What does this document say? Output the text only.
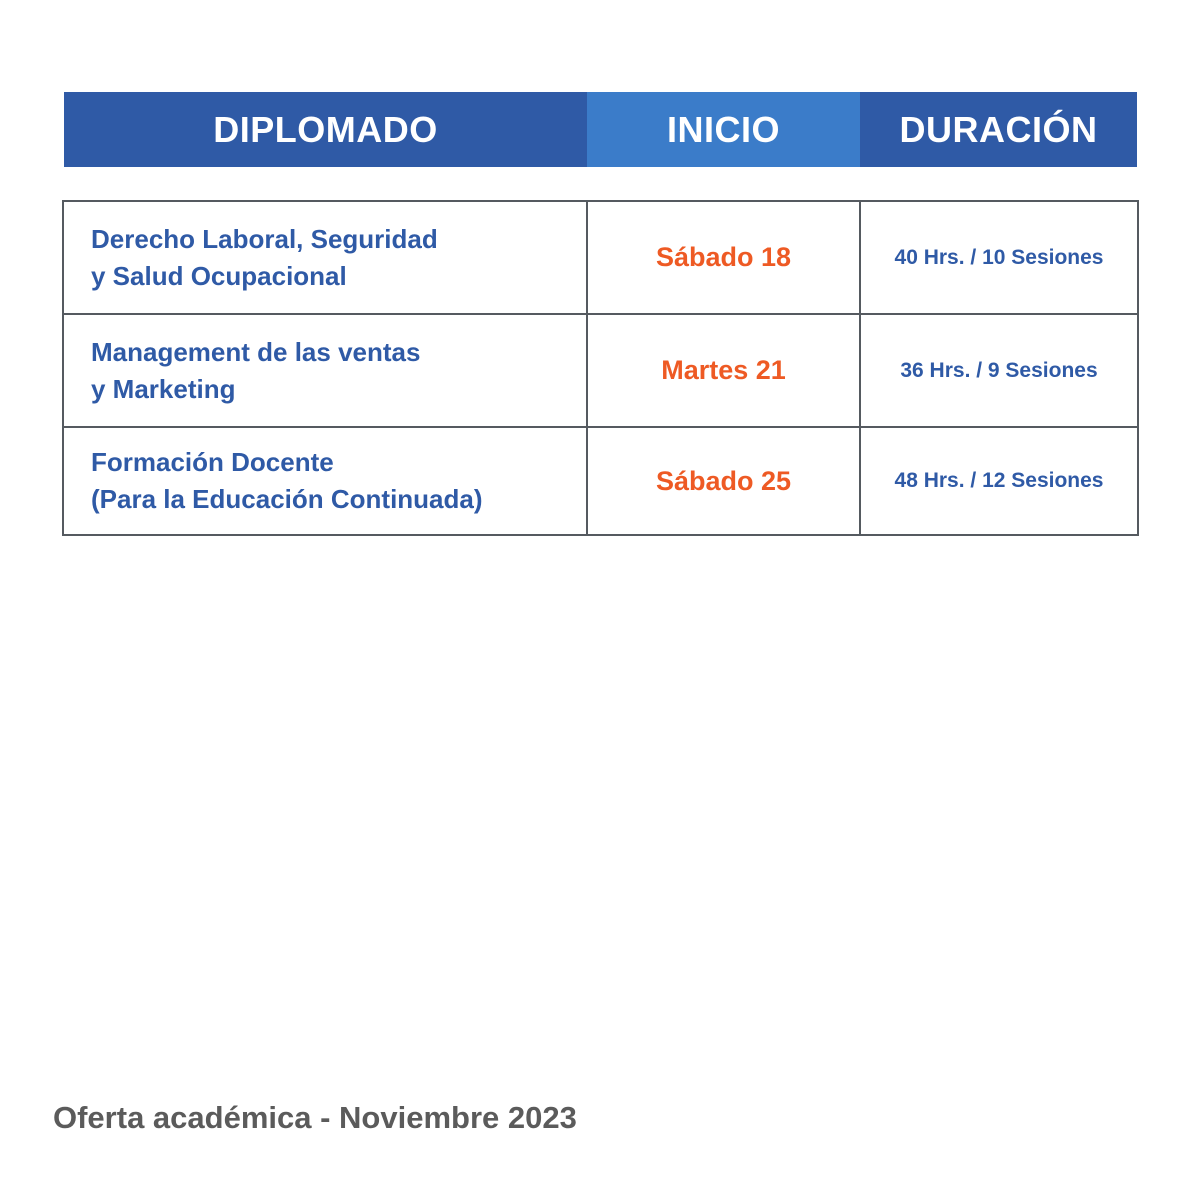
DIPLOMADO	INICIO	DURACIÓN
Derecho Laboral, Seguridad
y Salud Ocupacional
Sábado 18	40 Hrs. / 10 Sesiones
Management de las ventas
y Marketing
Martes 21	36 Hrs. / 9 Sesiones
Formación Docente
(Para la Educación Continuada)
Sábado 25	48 Hrs. / 12 Sesiones
Oferta académica - Noviembre 2023
